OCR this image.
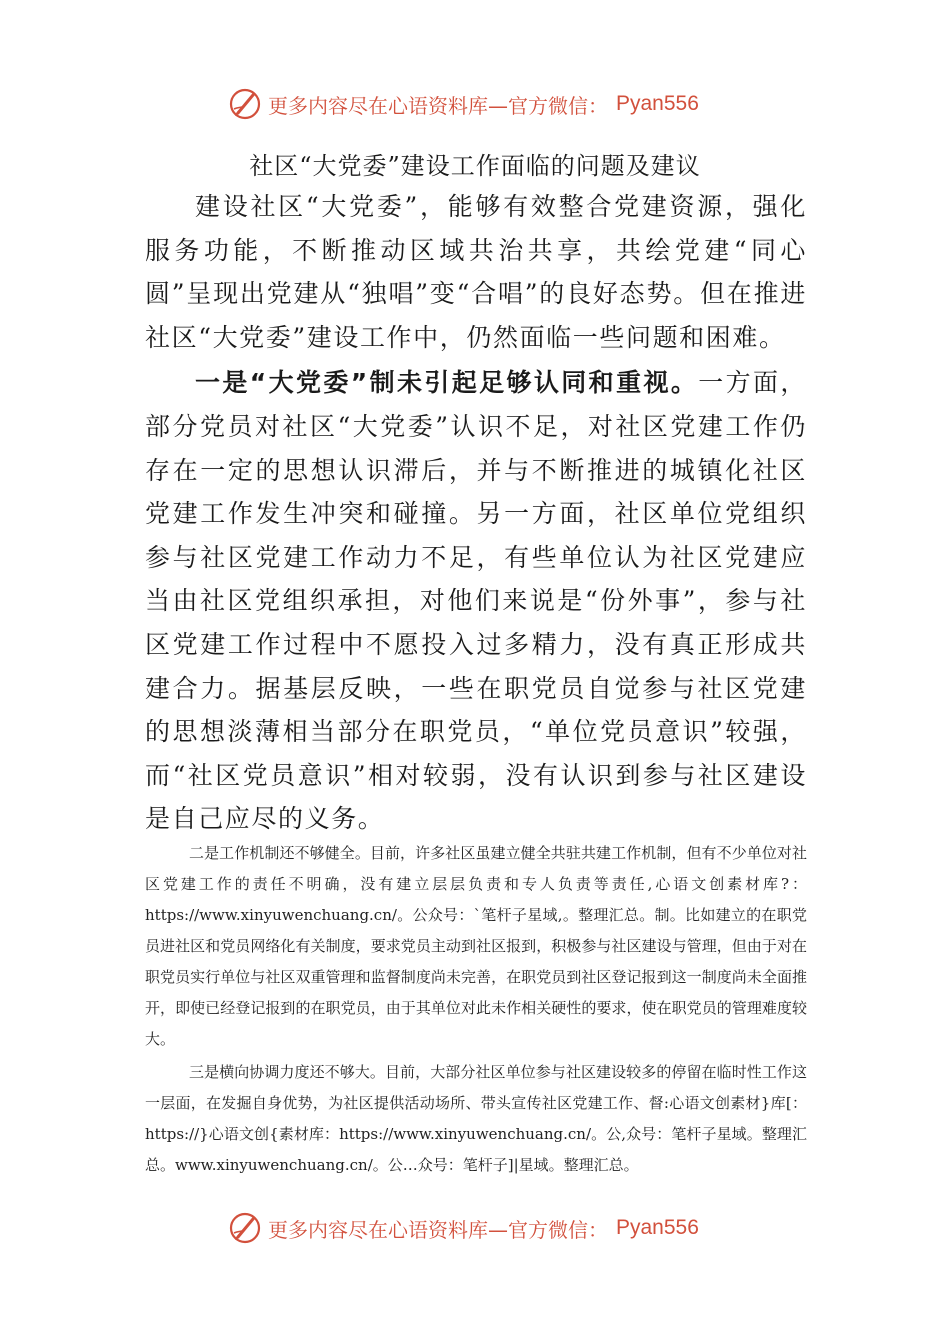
更多内容尽在心语资料库—官方微信： Pyan556
社区“大党委”建设工作面临的问题及建议

建设社区“大党委”，能够有效整合党建资源，强化服务功能，不断推动区域共治共享，共绘党建“同心圆”呈现出党建从“独唱”变“合唱”的良好态势。但在推进社区“大党委”建设工作中，仍然面临一些问题和困难。

一是“大党委”制未引起足够认同和重视。一方面，部分党员对社区“大党委”认识不足，对社区党建工作仍存在一定的思想认识滞后，并与不断推进的城镇化社区党建工作发生冲突和碰撞。另一方面，社区单位党组织参与社区党建工作动力不足，有些单位认为社区党建应当由社区党组织承担，对他们来说是“份外事”，参与社区党建工作过程中不愿投入过多精力，没有真正形成共建合力。据基层反映，一些在职党员自觉参与社区党建的思想淡薄相当部分在职党员，“单位党员意识”较强，而“社区党员意识”相对较弱，没有认识到参与社区建设是自己应尽的义务。

二是工作机制还不够健全。目前，许多社区虽建立健全共驻共建工作机制，但有不少单位对社区党建工作的责任不明确，没有建立层层负责和专人负责等责任,心语文创素材库?：https://www.xinyuwenchuang.cn/。公众号：`笔杆子星域,。整理汇总。制。比如建立的在职党员进社区和党员网络化有关制度，要求党员主动到社区报到，积极参与社区建设与管理，但由于对在职党员实行单位与社区双重管理和监督制度尚未完善，在职党员到社区登记报到这一制度尚未全面推开，即使已经登记报到的在职党员，由于其单位对此未作相关硬性的要求，使在职党员的管理难度较大。

三是横向协调力度还不够大。目前，大部分社区单位参与社区建设较多的停留在临时性工作这一层面，在发掘自身优势，为社区提供活动场所、带头宣传社区党建工作、督:心语文创素材}库[：https://}心语文创{素材库：https://www.xinyuwenchuang.cn/。公,众号：笔杆子星域。整理汇总。www.xinyuwenchuang.cn/。公…众号：笔杆子]|星域。整理汇总。

更多内容尽在心语资料库—官方微信： Pyan556
